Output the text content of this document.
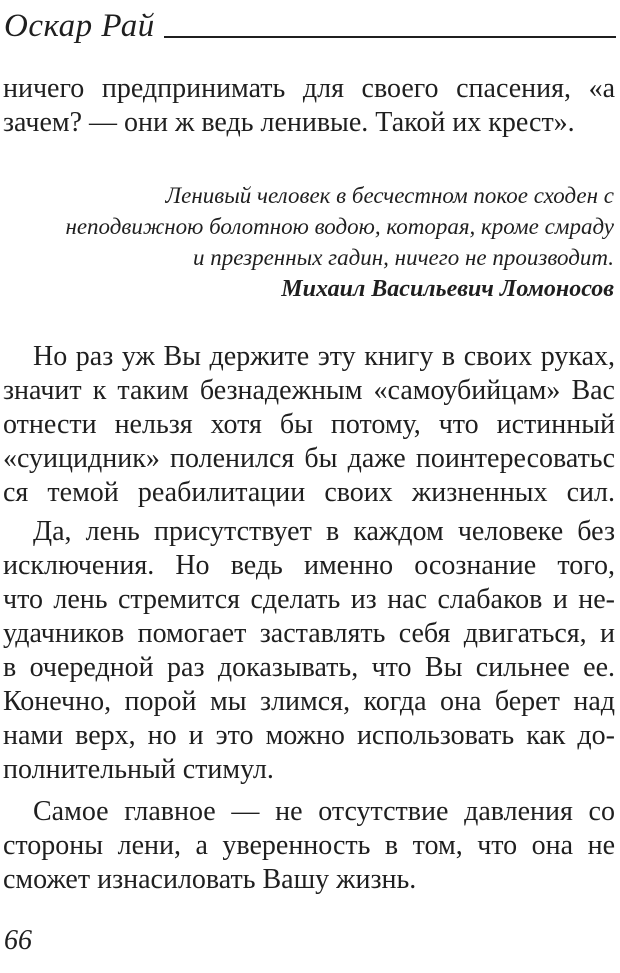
Оскар Рай
ничего предпринимать для своего спасения, «а
зачем? — они ж ведь ленивые. Такой их крест».
Ленивый человек в бесчестном покое сходен с
неподвижною болотною водою, которая, кроме смраду
и презренных гадин, ничего не производит.
Михаил Васильевич Ломоносов
Но раз уж Вы держите эту книгу в своих руках,
значит к таким безнадежным «самоубийцам» Вас
отнести нельзя хотя бы потому, что истинный
«суицидник» поленился бы даже поинтересоватьс
ся темой реабилитации своих жизненных сил.
Да, лень присутствует в каждом человеке без
исключения. Но ведь именно осознание того,
что лень стремится сделать из нас слабаков и не-
удачников помогает заставлять себя двигаться, и
в очередной раз доказывать, что Вы сильнее ее.
Конечно, порой мы злимся, когда она берет над
нами верх, но и это можно использовать как до-
полнительный стимул.
Самое главное — не отсутствие давления со
стороны лени, а уверенность в том, что она не
сможет изнасиловать Вашу жизнь.
66
